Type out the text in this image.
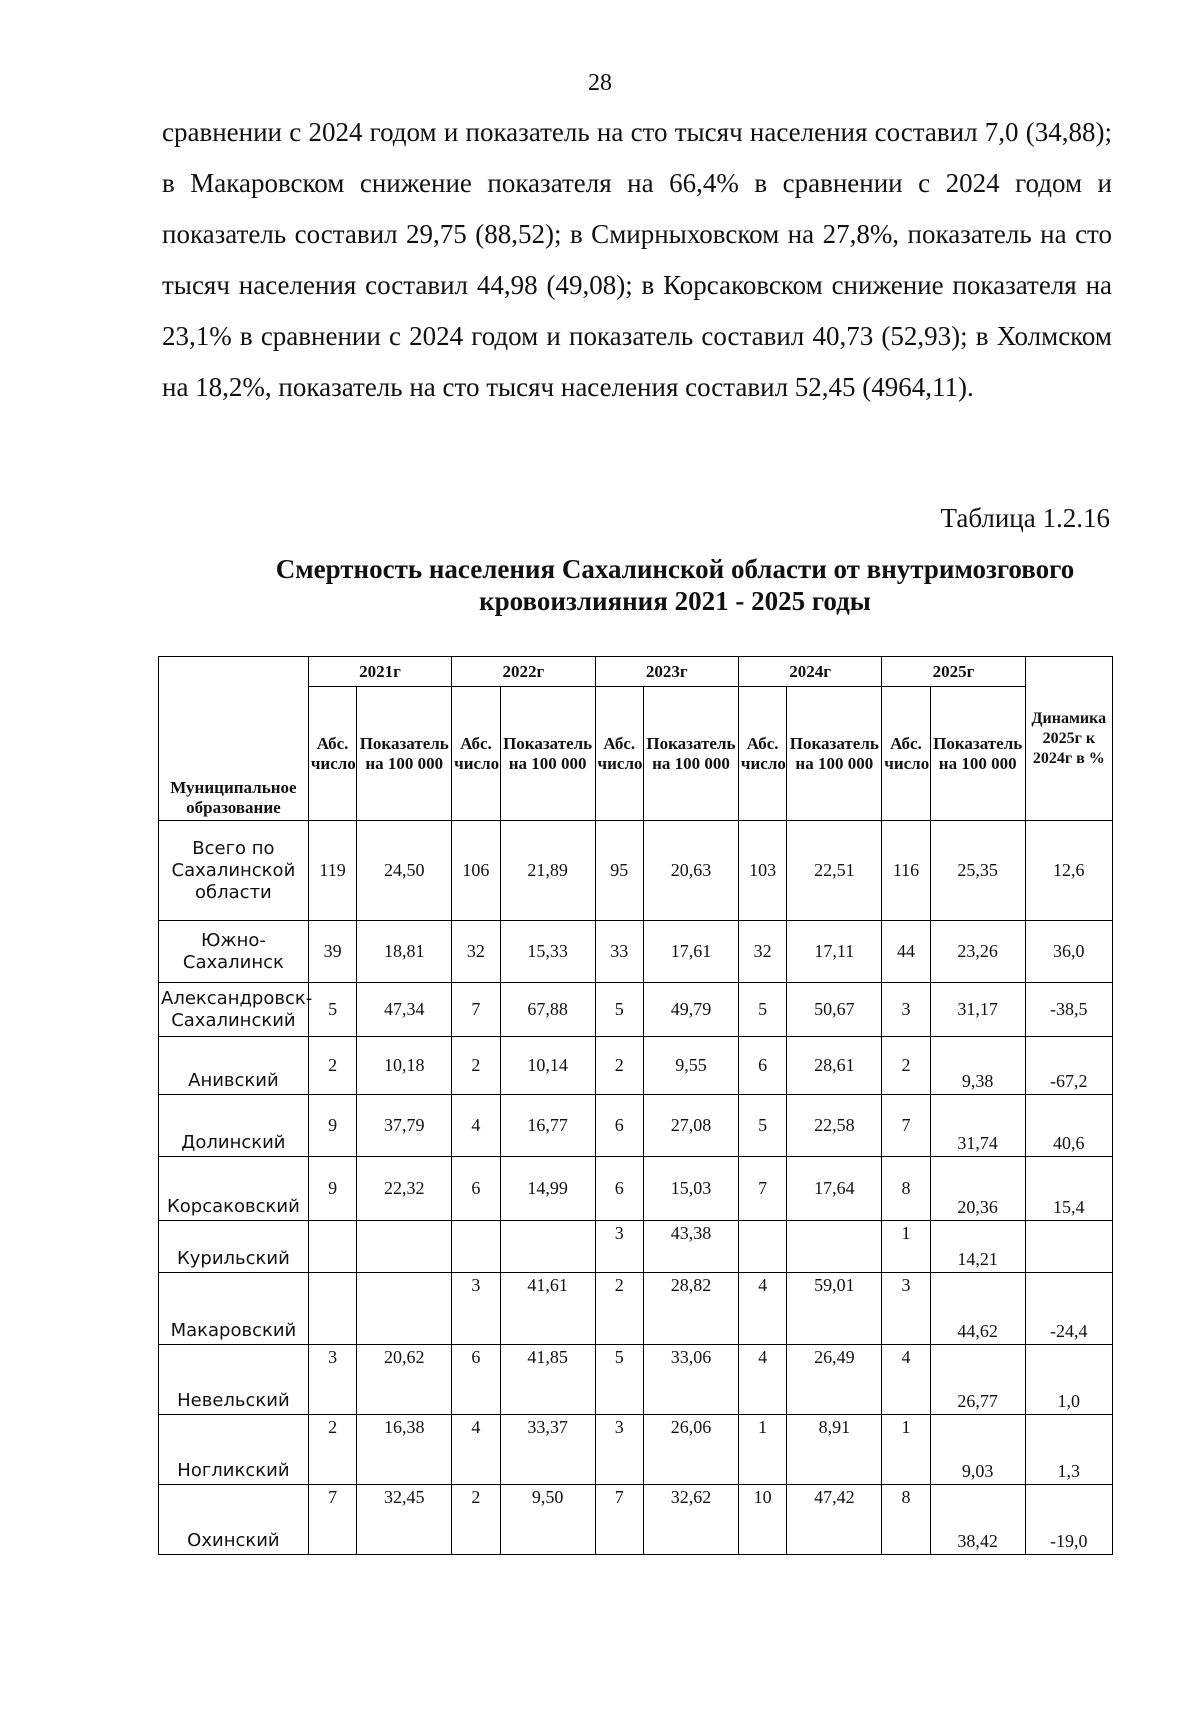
28

сравнении с 2024 годом и показатель на сто тысяч населения составил 7,0 (34,88); в Макаровском снижение показателя на 66,4% в сравнении с 2024 годом и показатель составил 29,75 (88,52); в Смирныховском на 27,8%, показатель на сто тысяч населения составил 44,98 (49,08); в Корсаковском снижение показателя на 23,1% в сравнении с 2024 годом и показатель составил 40,73 (52,93); в Холмском на 18,2%, показатель на сто тысяч населения составил 52,45 (4964,11).

Таблица 1.2.16
Смертность населения Сахалинской области от внутримозгового
кровоизлияния 2021 - 2025 годы
Муниципальное образование	2021г		2022г		2023г		2024г		2025г		Динамика 2025г к 2024г в %
	Абс. число	Показатель на 100 000	Абс. число	Показатель на 100 000	Абс. число	Показатель на 100 000	Абс. число	Показатель на 100 000	Абс. число	Показатель на 100 000	
Всего по Сахалинской области	119	24,50	106	21,89	95	20,63	103	22,51	116	25,35	12,6
Южно-Сахалинск	39	18,81	32	15,33	33	17,61	32	17,11	44	23,26	36,0
Александровск-Сахалинский	5	47,34	7	67,88	5	49,79	5	50,67	3	31,17	-38,5
Анивский	2	10,18	2	10,14	2	9,55	6	28,61	2	9,38	-67,2
Долинский	9	37,79	4	16,77	6	27,08	5	22,58	7	31,74	40,6
Корсаковский	9	22,32	6	14,99	6	15,03	7	17,64	8	20,36	15,4
Курильский					3	43,38			1	14,21	
Макаровский			3	41,61	2	28,82	4	59,01	3	44,62	-24,4
Невельский	3	20,62	6	41,85	5	33,06	4	26,49	4	26,77	1,0
Ногликский	2	16,38	4	33,37	3	26,06	1	8,91	1	9,03	1,3
Охинский	7	32,45	2	9,50	7	32,62	10	47,42	8	38,42	-19,0
